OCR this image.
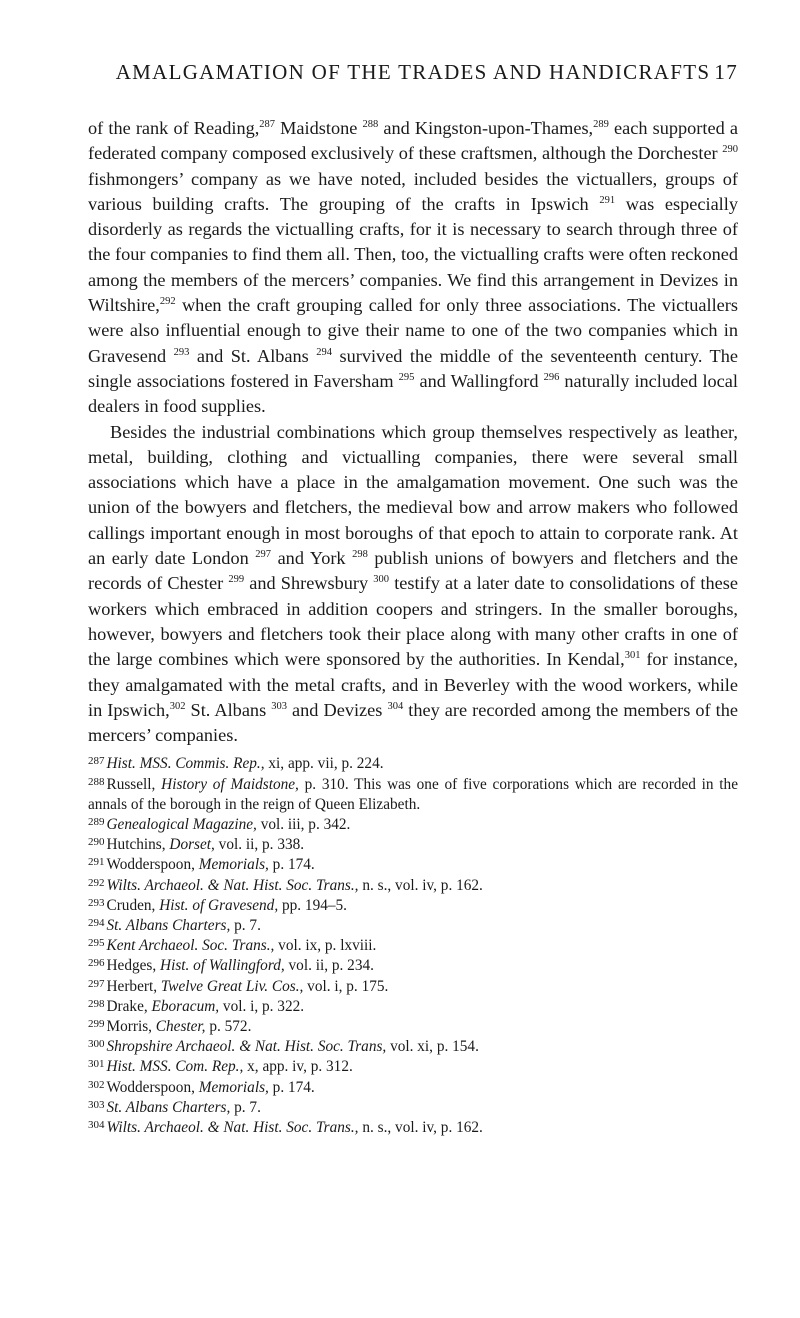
AMALGAMATION OF THE TRADES AND HANDICRAFTS 17

of the rank of Reading,$^{287}$ Maidstone $^{288}$ and Kingston-upon-Thames,$^{289}$ each supported a federated company composed exclusively of these craftsmen, although the Dorchester $^{290}$ fishmongers’ company as we have noted, included besides the victuallers, groups of various building crafts. The grouping of the crafts in Ipswich $^{291}$ was especially disorderly as regards the victualling crafts, for it is necessary to search through three of the four companies to find them all. Then, too, the victualling crafts were often reckoned among the members of the mercers’ companies. We find this arrangement in Devizes in Wiltshire,$^{292}$ when the craft grouping called for only three associations. The victuallers were also influential enough to give their name to one of the two companies which in Gravesend $^{293}$ and St. Albans $^{294}$ survived the middle of the seventeenth century. The single associations fostered in Faversham $^{295}$ and Wallingford $^{296}$ naturally included local dealers in food supplies.

Besides the industrial combinations which group themselves respectively as leather, metal, building, clothing and victualling companies, there were several small associations which have a place in the amalgamation movement. One such was the union of the bowyers and fletchers, the medieval bow and arrow makers who followed callings important enough in most boroughs of that epoch to attain to corporate rank. At an early date London $^{297}$ and York $^{298}$ publish unions of bowyers and fletchers and the records of Chester $^{299}$ and Shrewsbury $^{300}$ testify at a later date to consolidations of these workers which embraced in addition coopers and stringers. In the smaller boroughs, however, bowyers and fletchers took their place along with many other crafts in one of the large combines which were sponsored by the authorities. In Kendal,$^{301}$ for instance, they amalgamated with the metal crafts, and in Beverley with the wood workers, while in Ipswich,$^{302}$ St. Albans $^{303}$ and Devizes $^{304}$ they are recorded among the members of the mercers’ companies.

$^{287}$ Hist. MSS. Commis. Rep., xi, app. vii, p. 224.

$^{288}$ Russell, History of Maidstone, p. 310. This was one of five corporations which are recorded in the annals of the borough in the reign of Queen Elizabeth.

$^{289}$ Genealogical Magazine, vol. iii, p. 342.

$^{290}$ Hutchins, Dorset, vol. ii, p. 338.

$^{291}$ Wodderspoon, Memorials, p. 174.

$^{292}$ Wilts. Archaeol. & Nat. Hist. Soc. Trans., n. s., vol. iv, p. 162.

$^{293}$ Cruden, Hist. of Gravesend, pp. 194–5.

$^{294}$ St. Albans Charters, p. 7.

$^{295}$ Kent Archaeol. Soc. Trans., vol. ix, p. lxviii.

$^{296}$ Hedges, Hist. of Wallingford, vol. ii, p. 234.

$^{297}$ Herbert, Twelve Great Liv. Cos., vol. i, p. 175.

$^{298}$ Drake, Eboracum, vol. i, p. 322.

$^{299}$ Morris, Chester, p. 572.

$^{300}$ Shropshire Archaeol. & Nat. Hist. Soc. Trans, vol. xi, p. 154.

$^{301}$ Hist. MSS. Com. Rep., x, app. iv, p. 312.

$^{302}$ Wodderspoon, Memorials, p. 174.

$^{303}$ St. Albans Charters, p. 7.

$^{304}$ Wilts. Archaeol. & Nat. Hist. Soc. Trans., n. s., vol. iv, p. 162.
